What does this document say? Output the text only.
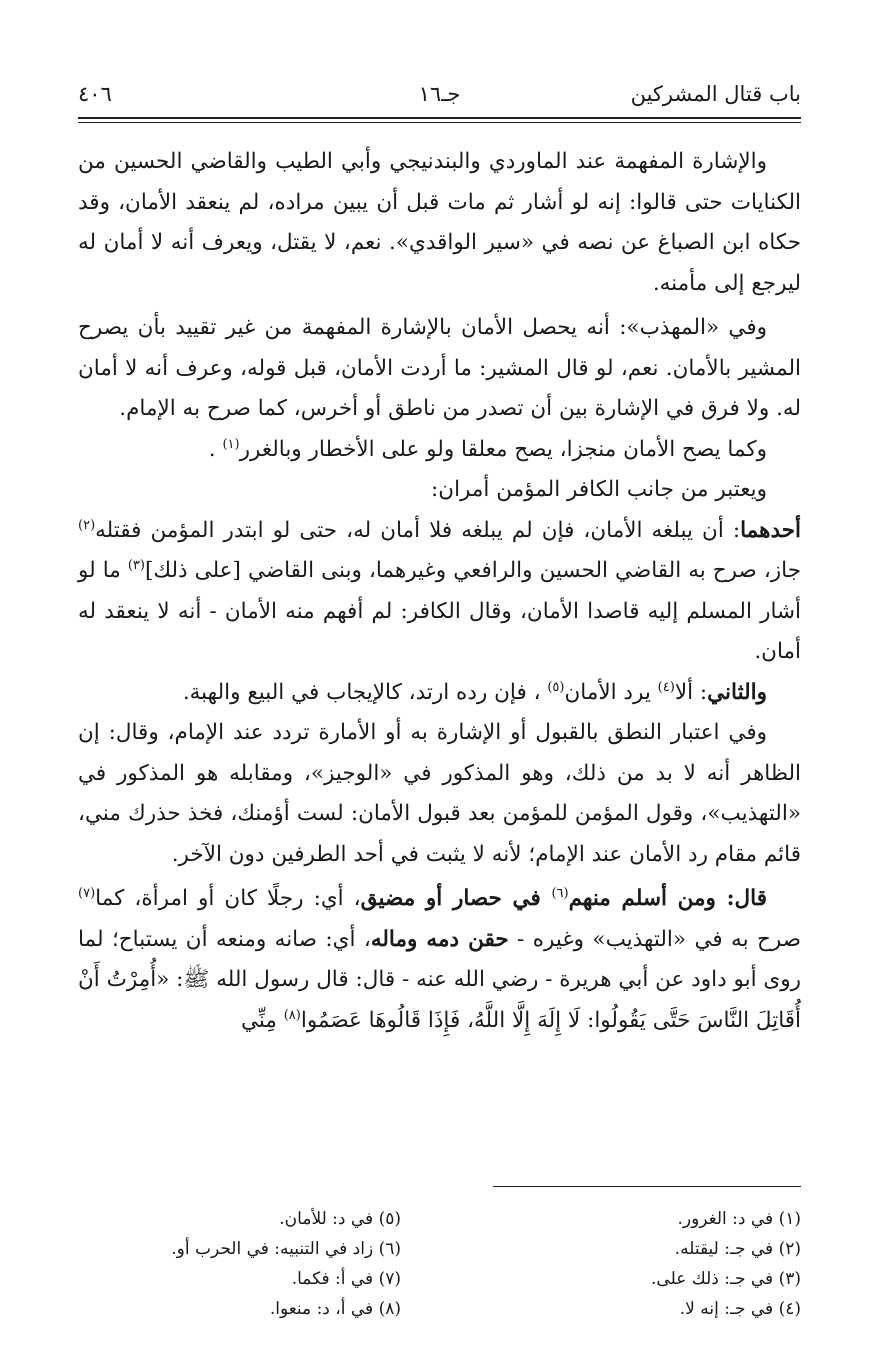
باب قتال المشركين
جـ١٦
٤٠٦

والإشارة المفهمة عند الماوردي والبندنيجي وأبي الطيب والقاضي الحسين من الكنايات حتى قالوا: إنه لو أشار ثم مات قبل أن يبين مراده، لم ينعقد الأمان، وقد حكاه ابن الصباغ عن نصه في «سير الواقدي». نعم، لا يقتل، ويعرف أنه لا أمان له ليرجع إلى مأمنه.

وفي «المهذب»: أنه يحصل الأمان بالإشارة المفهمة من غير تقييد بأن يصرح المشير بالأمان. نعم، لو قال المشير: ما أردت الأمان، قبل قوله، وعرف أنه لا أمان له. ولا فرق في الإشارة بين أن تصدر من ناطق أو أخرس، كما صرح به الإمام.

وكما يصح الأمان منجزا، يصح معلقا ولو على الأخطار وبالغرر$^{(١)}$ .

ويعتبر من جانب الكافر المؤمن أمران:

أحدهما: أن يبلغه الأمان، فإن لم يبلغه فلا أمان له، حتى لو ابتدر المؤمن فقتله$^{(٢)}$ جاز، صرح به القاضي الحسين والرافعي وغيرهما، وبنى القاضي [على ذلك]$^{(٣)}$ ما لو أشار المسلم إليه قاصدا الأمان، وقال الكافر: لم أفهم منه الأمان - أنه لا ينعقد له أمان.

والثاني: ألا$^{(٤)}$ يرد الأمان$^{(٥)}$ ، فإن رده ارتد، كالإيجاب في البيع والهبة.

وفي اعتبار النطق بالقبول أو الإشارة به أو الأمارة تردد عند الإمام، وقال: إن الظاهر أنه لا بد من ذلك، وهو المذكور في «الوجيز»، ومقابله هو المذكور في «التهذيب»، وقول المؤمن للمؤمن بعد قبول الأمان: لست أؤمنك، فخذ حذرك مني، قائم مقام رد الأمان عند الإمام؛ لأنه لا يثبت في أحد الطرفين دون الآخر.

قال: ومن أسلم منهم$^{(٦)}$ في حصار أو مضيق، أي: رجلًا كان أو امرأة، كما$^{(٧)}$ صرح به في «التهذيب» وغيره - حقن دمه وماله، أي: صانه ومنعه أن يستباح؛ لما روى أبو داود عن أبي هريرة - رضي الله عنه - قال: قال رسول الله ﷺ: «أُمِرْتُ أَنْ أُقَاتِلَ النَّاسَ حَتَّى يَقُولُوا: لَا إِلَهَ إِلَّا اللَّهُ، فَإِذَا قَالُوهَا عَصَمُوا$^{(٨)}$ مِنِّي

(١) في د: الغرور.
(٢) في جـ: ليقتله.
(٣) في جـ: ذلك على.
(٤) في جـ: إنه لا.
(٥) في د: للأمان.
(٦) زاد في التنبيه: في الحرب أو.
(٧) في أ: فكما.
(٨) في أ، د: منعوا.
